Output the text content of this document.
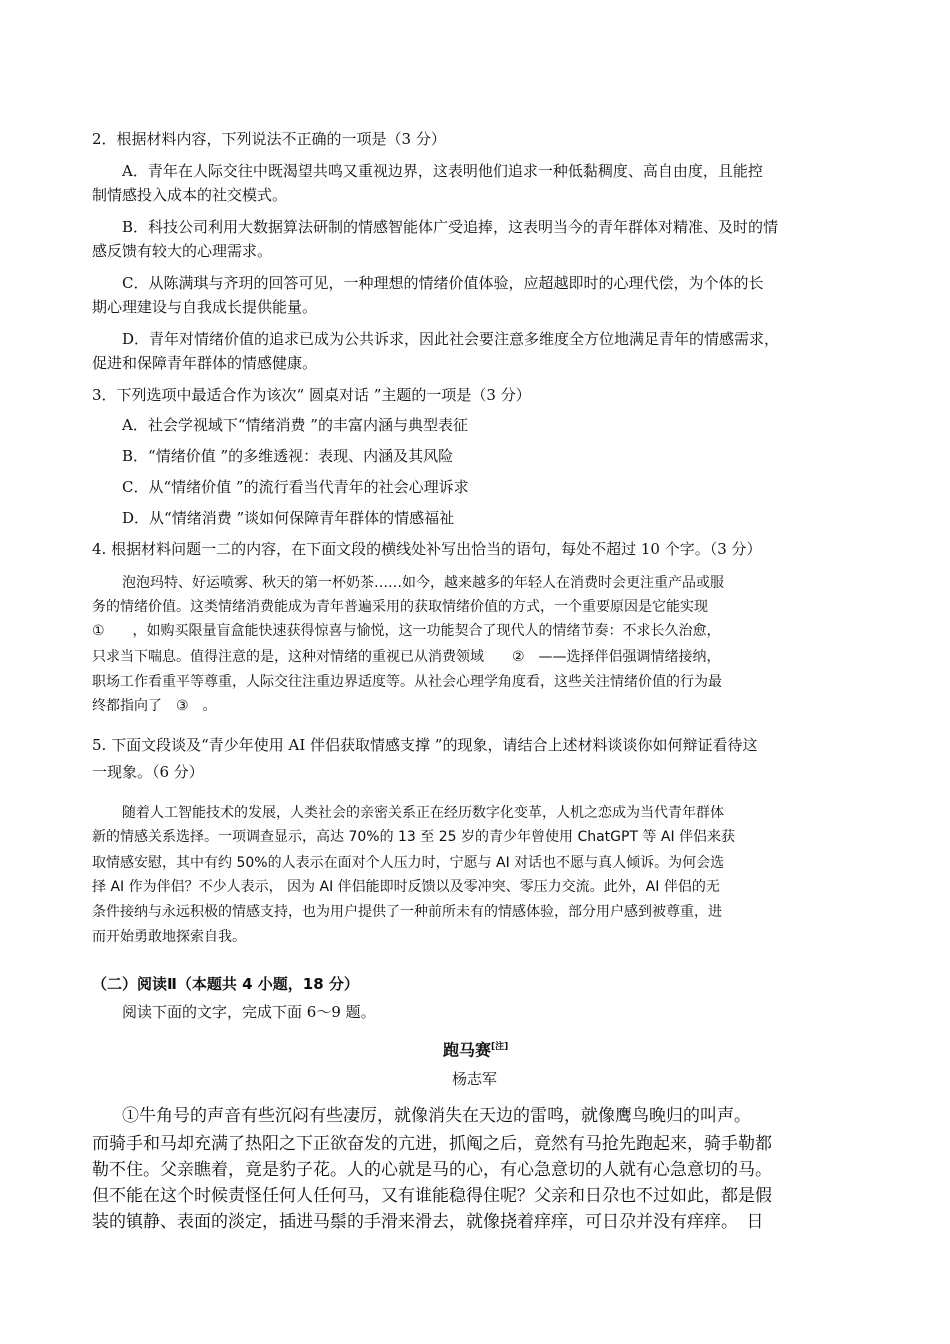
2．根据材料内容，下列说法不正确的一项是（3 分）
A．青年在人际交往中既渴望共鸣又重视边界，这表明他们追求一种低黏稠度、高自由度，且能控
制情感投入成本的社交模式。
B．科技公司利用大数据算法研制的情感智能体广受追捧，这表明当今的青年群体对精准、及时的情
感反馈有较大的心理需求。
C．从陈满琪与齐玥的回答可见，一种理想的情绪价值体验，应超越即时的心理代偿，为个体的长
期心理建设与自我成长提供能量。
D．青年对情绪价值的追求已成为公共诉求，因此社会要注意多维度全方位地满足青年的情感需求，
促进和保障青年群体的情感健康。
3．下列选项中最适合作为该次“ 圆桌对话 ”主题的一项是（3 分）
A．社会学视域下“情绪消费 ”的丰富内涵与典型表征
B．“情绪价值 ”的多维透视：表现、内涵及其风险
C．从“情绪价值 ”的流行看当代青年的社会心理诉求
D．从“情绪消费 ”谈如何保障青年群体的情感福祉
4. 根据材料问题一二的内容，在下面文段的横线处补写出恰当的语句，每处不超过 10 个字。（3 分）
泡泡玛特、好运喷雾、秋天的第一杯奶茶……如今，越来越多的年轻人在消费时会更注重产品或服
务的情绪价值。这类情绪消费能成为青年普遍采用的获取情绪价值的方式，一个重要原因是它能实现
①　　，如购买限量盲盒能快速获得惊喜与愉悦，这一功能契合了现代人的情绪节奏：不求长久治愈，
只求当下喘息。值得注意的是，这种对情绪的重视已从消费领域　　②　——选择伴侣强调情绪接纳，
职场工作看重平等尊重，人际交往注重边界适度等。从社会心理学角度看，这些关注情绪价值的行为最
终都指向了　③　。
5. 下面文段谈及“青少年使用 AI 伴侣获取情感支撑 ”的现象，请结合上述材料谈谈你如何辩证看待这
一现象。（6 分）
随着人工智能技术的发展，人类社会的亲密关系正在经历数字化变革，人机之恋成为当代青年群体
新的情感关系选择。一项调查显示，高达 70%的 13 至 25 岁的青少年曾使用 ChatGPT 等 AI 伴侣来获
取情感安慰，其中有约 50%的人表示在面对个人压力时，宁愿与 AI 对话也不愿与真人倾诉。为何会选
择 AI 作为伴侣？不少人表示， 因为 AI 伴侣能即时反馈以及零冲突、零压力交流。此外，AI 伴侣的无
条件接纳与永远积极的情感支持，也为用户提供了一种前所未有的情感体验，部分用户感到被尊重，进
而开始勇敢地探索自我。
（二）阅读Ⅱ（本题共 4 小题，18 分）
阅读下面的文字，完成下面 6～9 题。
跑马赛[注]
杨志军
①牛角号的声音有些沉闷有些凄厉，就像消失在天边的雷鸣，就像鹰鸟晚归的叫声。
而骑手和马却充满了热阳之下正欲奋发的亢进，抓阄之后，竟然有马抢先跑起来，骑手勒都
勒不住。父亲瞧着，竟是豹子花。人的心就是马的心，有心急意切的人就有心急意切的马。
但不能在这个时候责怪任何人任何马，又有谁能稳得住呢？父亲和日尕也不过如此，都是假
装的镇静、表面的淡定，插进马鬃的手滑来滑去，就像挠着痒痒，可日尕并没有痒痒。　日
